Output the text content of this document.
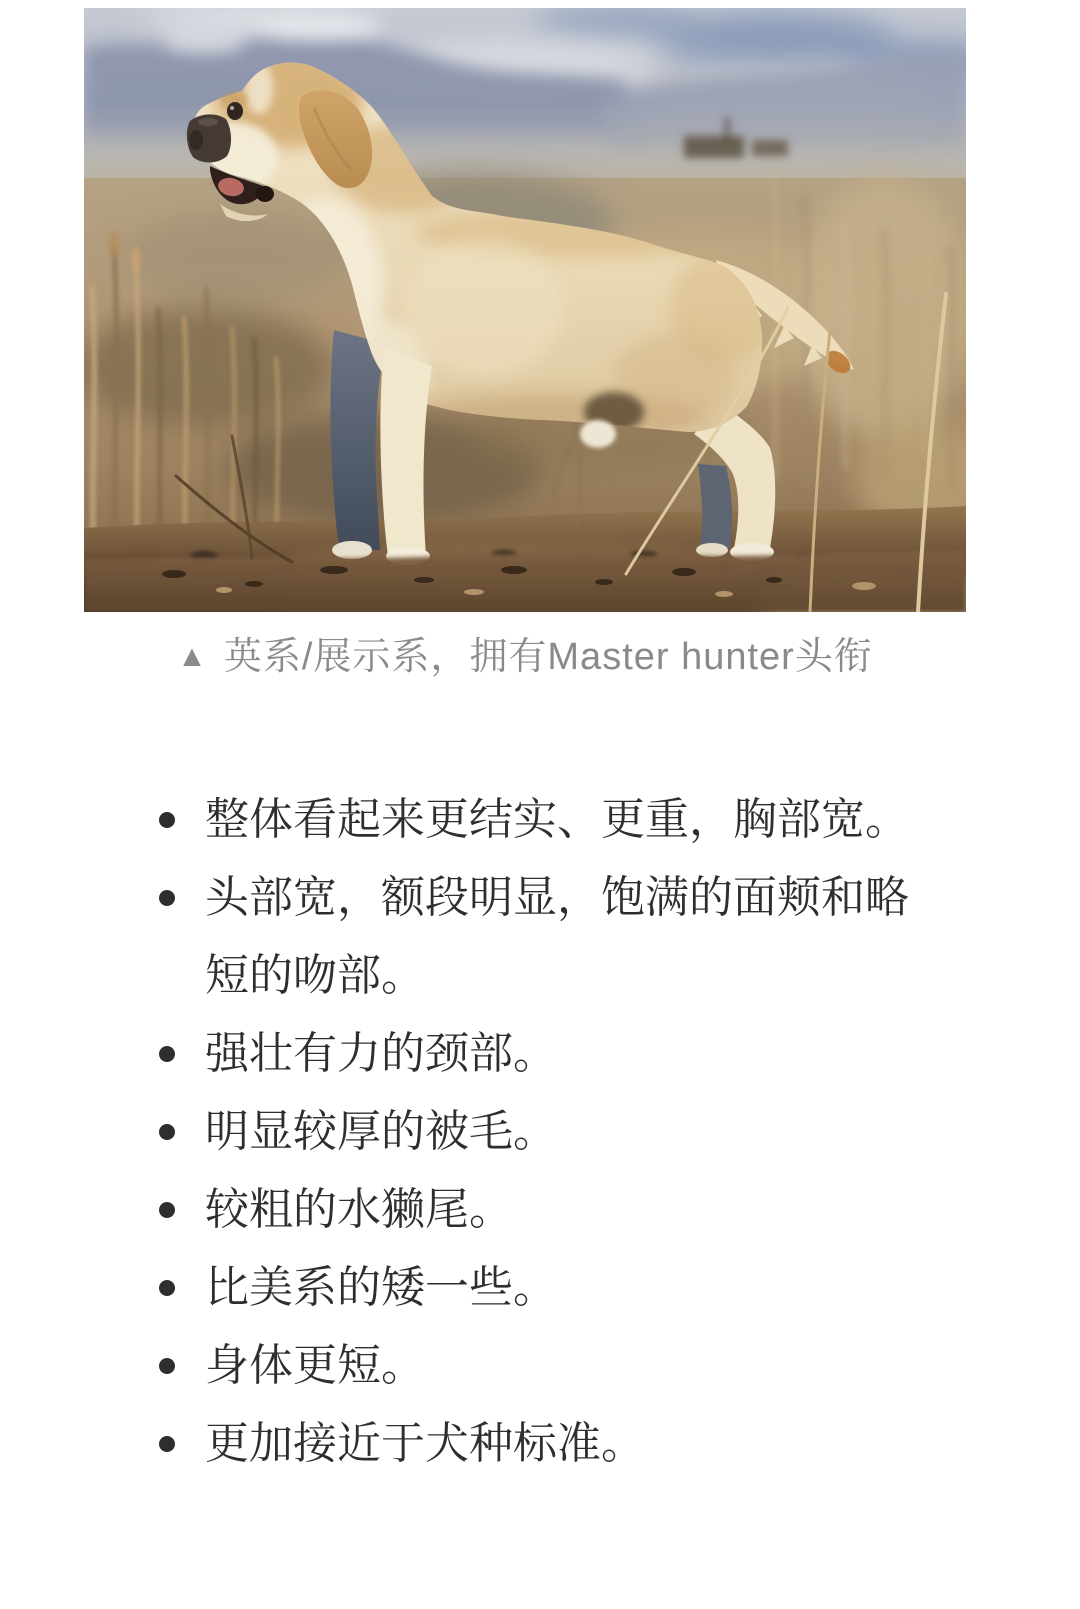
▲ 英系/展示系，拥有Master hunter头衔
整体看起来更结实、更重，胸部宽。
头部宽，额段明显，饱满的面颊和略短的吻部。
强壮有力的颈部。
明显较厚的被毛。
较粗的水獭尾。
比美系的矮一些。
身体更短。
更加接近于犬种标准。
